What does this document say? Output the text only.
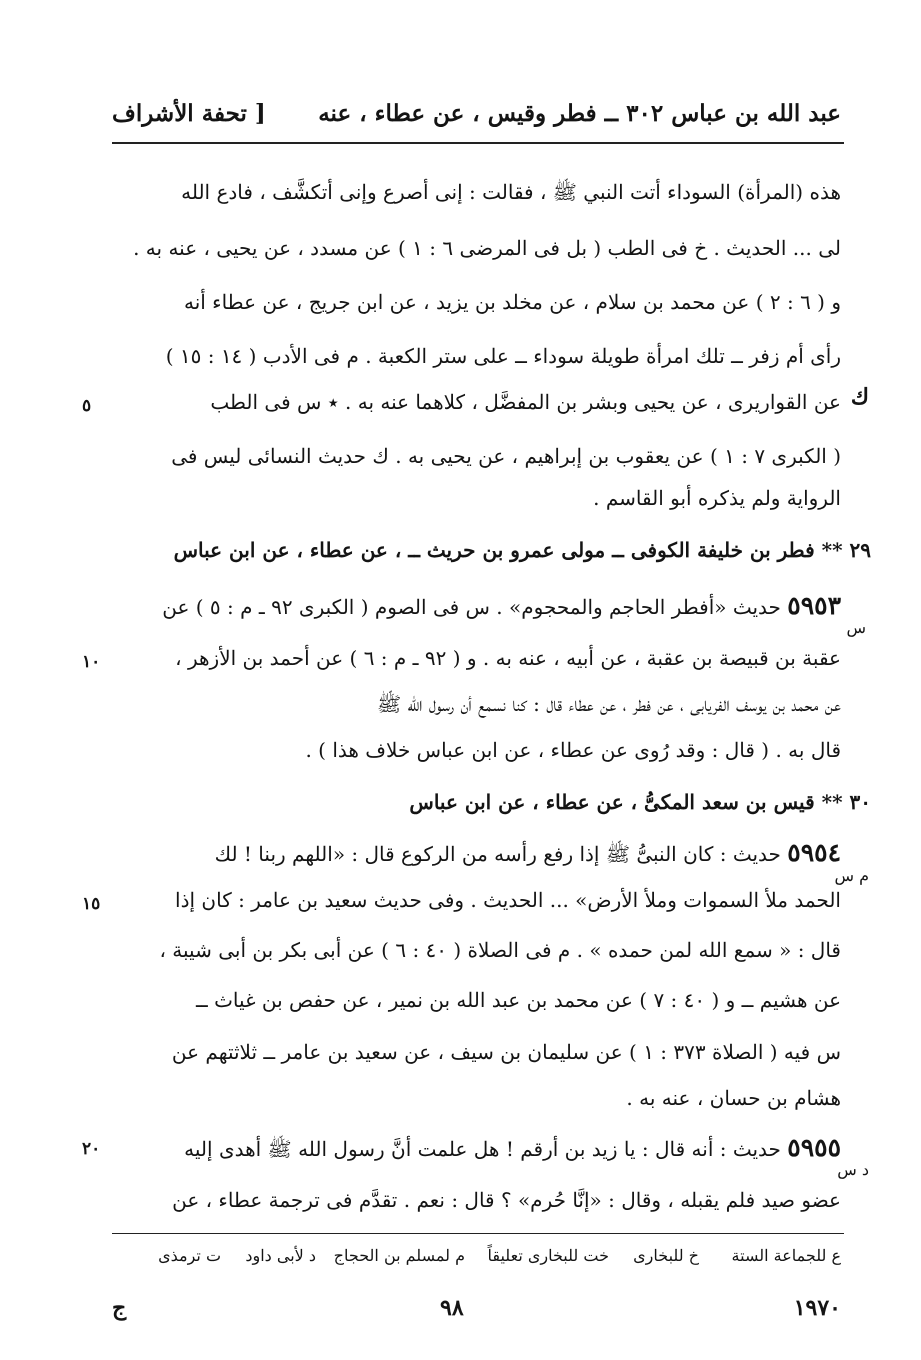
عبد الله بن عباس ٣٠٢ ــ فطر وقيس ، عن عطاء ، عنه
[ تحفة الأشراف
هذه (المرأة) السوداء أتت النبي ﷺ ، فقالت : إنى أصرع وإنى أتكشَّف ، فادع الله
لى ... الحديث . خ فى الطب ( بل فى المرضى ٦ : ١ ) عن مسدد ، عن يحيى ، عنه به .
و ( ٦ : ٢ ) عن محمد بن سلام ، عن مخلد بن يزيد ، عن ابن جريج ، عن عطاء أنه
رأى أم زفر ــ تلك امرأة طويلة سوداء ــ على ستر الكعبة . م فى الأدب ( ١٤ : ١٥ )
عن القواريرى ، عن يحيى وبشر بن المفضَّل ، كلاهما عنه به . ٭ س فى الطب
( الكبرى ٧ : ١ ) عن يعقوب بن إبراهيم ، عن يحيى به . ك حديث النسائى ليس فى
الرواية ولم يذكره أبو القاسم .
٢٩ ** فطر بن خليفة الكوفى ــ مولى عمرو بن حريث ــ ، عن عطاء ، عن ابن عباس
٥٩٥٣ حديث «أفطر الحاجم والمحجوم» . س فى الصوم ( الكبرى ٩٢ ـ م : ٥ ) عن
عقبة بن قبيصة بن عقبة ، عن أبيه ، عنه به . و ( ٩٢ ـ م : ٦ ) عن أحمد بن الأزهر ،
عن محمد بن يوسف الفريابى ، عن فطر ، عن عطاء قال : كنا نسمع أن رسول الله ﷺ
قال به . ( قال : وقد رُوى عن عطاء ، عن ابن عباس خلاف هذا ) .
٣٠ ** قيس بن سعد المكىُّ ، عن عطاء ، عن ابن عباس
٥٩٥٤ حديث : كان النبىُّ ﷺ إذا رفع رأسه من الركوع قال : «اللهم ربنا ! لك
الحمد ملأ السموات وملأ الأرض» ... الحديث . وفى حديث سعيد بن عامر : كان إذا
قال : « سمع الله لمن حمده » . م فى الصلاة ( ٤٠ : ٦ ) عن أبى بكر بن أبى شيبة ،
عن هشيم ــ و ( ٤٠ : ٧ ) عن محمد بن عبد الله بن نمير ، عن حفص بن غياث ــ
س فيه ( الصلاة ٣٧٣ : ١ ) عن سليمان بن سيف ، عن سعيد بن عامر ــ ثلاثتهم عن
هشام بن حسان ، عنه به .
٥٩٥٥ حديث : أنه قال : يا زيد بن أرقم ! هل علمت أنَّ رسول الله ﷺ أهدى إليه
عضو صيد فلم يقبله ، وقال : «إنَّا حُرم» ؟ قال : نعم . تقدَّم فى ترجمة عطاء ، عن
٥
١٠
١٥
٢٠
ك
س
م س
د س
ع للجماعة الستة
خ للبخارى
خت للبخارى تعليقاً
م لمسلم بن الحجاج
د لأبى داود
ت ترمذى
ج	٩٨	١٩٧٠
